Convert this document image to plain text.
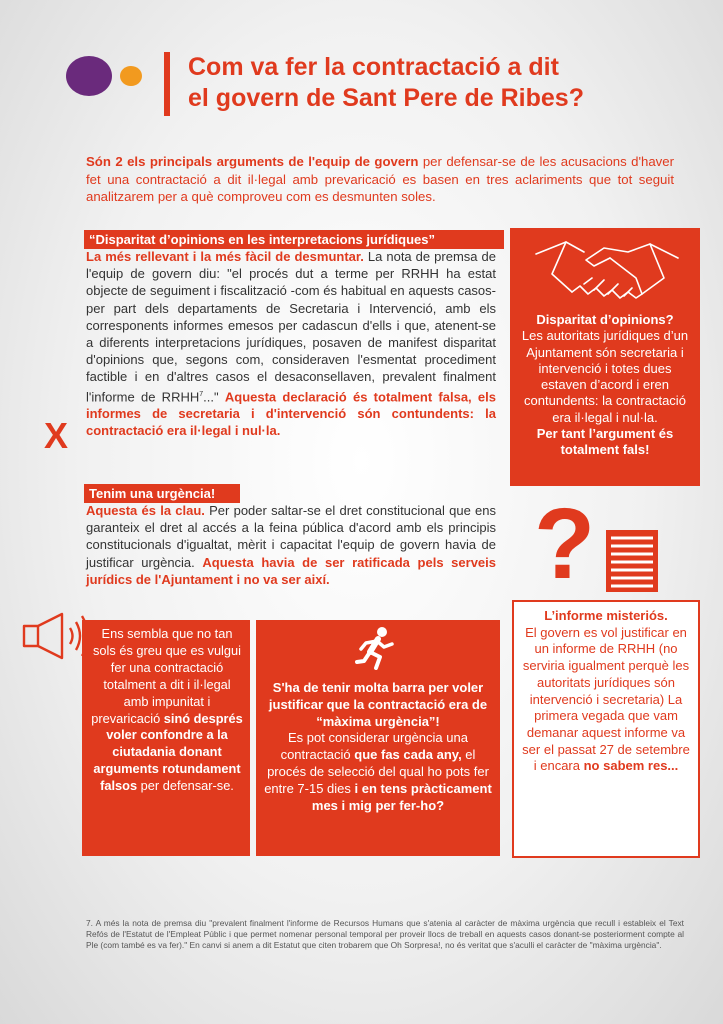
Com va fer la contractació a dit
el govern de Sant Pere de Ribes?

Són 2 els principals arguments de l'equip de govern per defensar-se de les acusacions d'haver fet una contractació a dit il·legal amb prevaricació es basen en tres aclariments que tot seguit analitzarem per a què comproveu com es desmunten soles.

“Disparitat d’opinions en les interpretacions jurídiques”

La més rellevant i la més fàcil de desmuntar. La nota de premsa de l'equip de govern diu: "el procés dut a terme per RRHH ha estat objecte de seguiment i fiscalització -com és habitual en aquests casos- per part dels departaments de Secretaria i Intervenció, amb els corresponents informes emesos per cadascun d'ells i que, atenent-se a diferents interpretacions jurídiques, posaven de manifest disparitat d'opinions que, segons com, consideraven l'esmentat procediment factible i en d'altres casos el desaconsellaven, prevalent finalment l'informe de RRHH$^7$..." Aquesta declaració és totalment falsa, els informes de secretaria i d'intervenció són contundents: la contractació era il·legal i nul·la.

X
Tenim una urgència!

Aquesta és la clau. Per poder saltar-se el dret constitucional que ens garanteix el dret al accés a la feina pública d'acord amb els principis constitucionals d'igualtat, mèrit i capacitat l'equip de govern havia de justificar urgència. Aquesta havia de ser ratificada pels serveis jurídics de l'Ajuntament i no va ser així.

Disparitat d’opinions?
Les autoritats jurídiques d’un Ajuntament són secretaria i intervenció i totes dues estaven d’acord i eren contundents: la contractació era il·legal i nul·la.
Per tant l’argument és totalment fals!
?
L’informe misteriós.
El govern es vol justificar en un informe de RRHH (no serviria igualment perquè les autoritats jurídiques són intervenció i secretaria) La primera vegada que vam demanar aquest informe va ser el passat 27 de setembre i encara no sabem res...
Ens sembla que no tan sols és greu que es vulgui fer una contractació totalment a dit i il·legal amb impunitat i prevaricació sinó després voler confondre a la ciutadania donant arguments rotundament falsos per defensar-se.
S'ha de tenir molta barra per voler justificar que la contractació era de “màxima urgència”!
Es pot considerar urgència una contractació que fas cada any, el procés de selecció del qual ho pots fer entre 7-15 dies i en tens pràcticament mes i mig per fer-ho?

7. A més la nota de premsa diu "prevalent finalment l'informe de Recursos Humans que s'atenia al caràcter de màxima urgència que recull i estableix el Text Refós de l'Estatut de l'Empleat Públic i que permet nomenar personal temporal per proveir llocs de treball en aquests casos donant-se posteriorment compte al Ple (com també es va fer)." En canvi si anem a dit Estatut que citen trobarem que Oh Sorpresa!, no és veritat que s'aculli el caràcter de "màxima urgència".
